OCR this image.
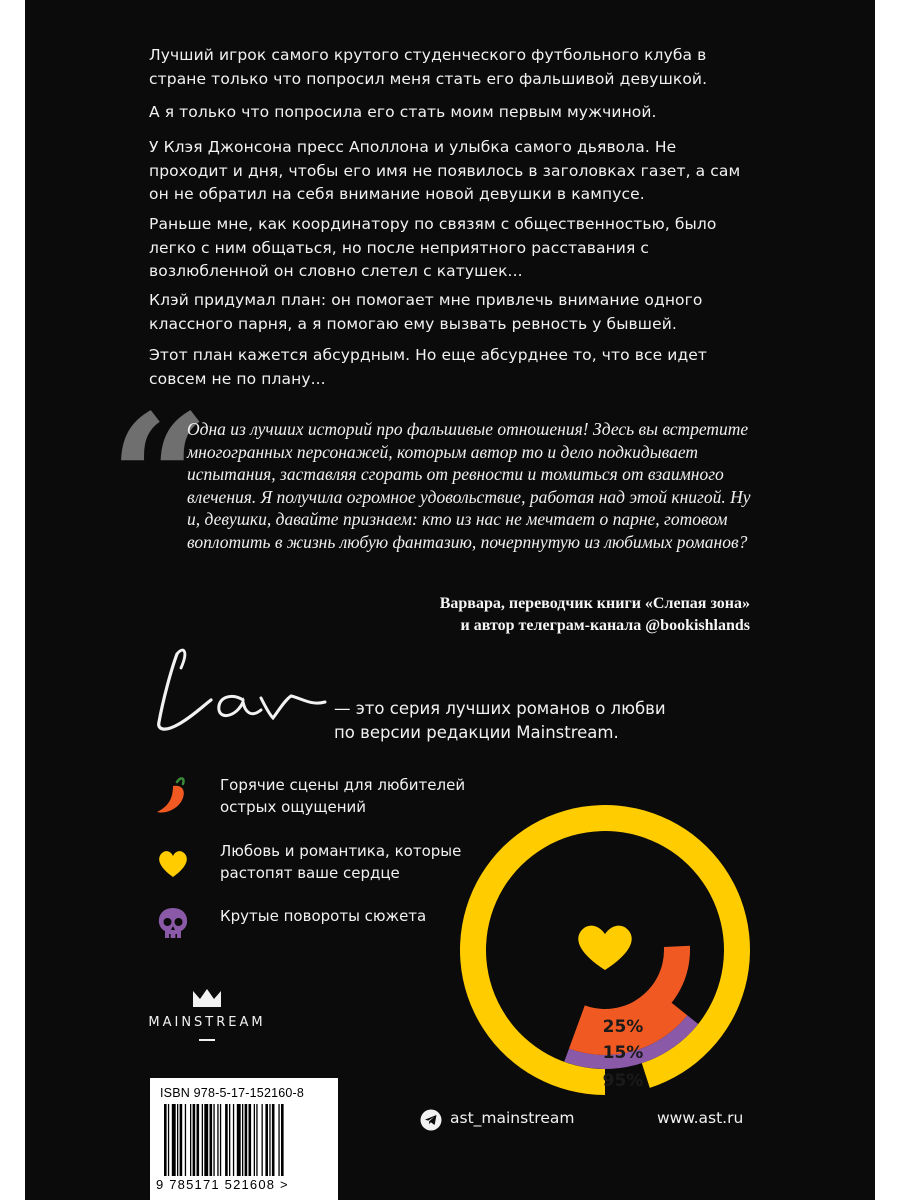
Лучший игрок самого крутого студенческого футбольного клуба в стране только что попросил меня стать его фальшивой девушкой.

А я только что попросила его стать моим первым мужчиной.

У Клэя Джонсона пресс Аполлона и улыбка самого дьявола. Не проходит и дня, чтобы его имя не появилось в заголовках газет, а сам он не обратил на себя внимание новой девушки в кампусе.

Раньше мне, как координатору по связям с общественностью, было легко с ним общаться, но после неприятного расставания с возлюбленной он словно слетел с катушек...

Клэй придумал план: он помогает мне привлечь внимание одного классного парня, а я помогаю ему вызвать ревность у бывшей.

Этот план кажется абсурдным. Но еще абсурднее то, что все идет совсем не по плану...

“

Одна из лучших историй про фальшивые отношения! Здесь вы встретите многогранных персонажей, которым автор то и дело подкидывает испытания, заставляя сгорать от ревности и томиться от взаимного влечения. Я получила огромное удовольствие, работая над этой книгой. Ну и, девушки, давайте признаем: кто из нас не мечтает о парне, готовом воплотить в жизнь любую фантазию, почерпнутую из любимых романов?

Варвара, переводчик книги «Слепая зона»
и автор телеграм-канала @bookishlands
— это серия лучших романов о любви
по версии редакции Mainstream.
Горячие сцены для любителей
острых ощущений
Любовь и романтика, которые
растопят ваше сердце
Крутые повороты сюжета
MAINSTREAM	25%
15%
95%
ISBN 978-5-17-152160-8
9 785171 521608 >
ast_mainstream	www.ast.ru
